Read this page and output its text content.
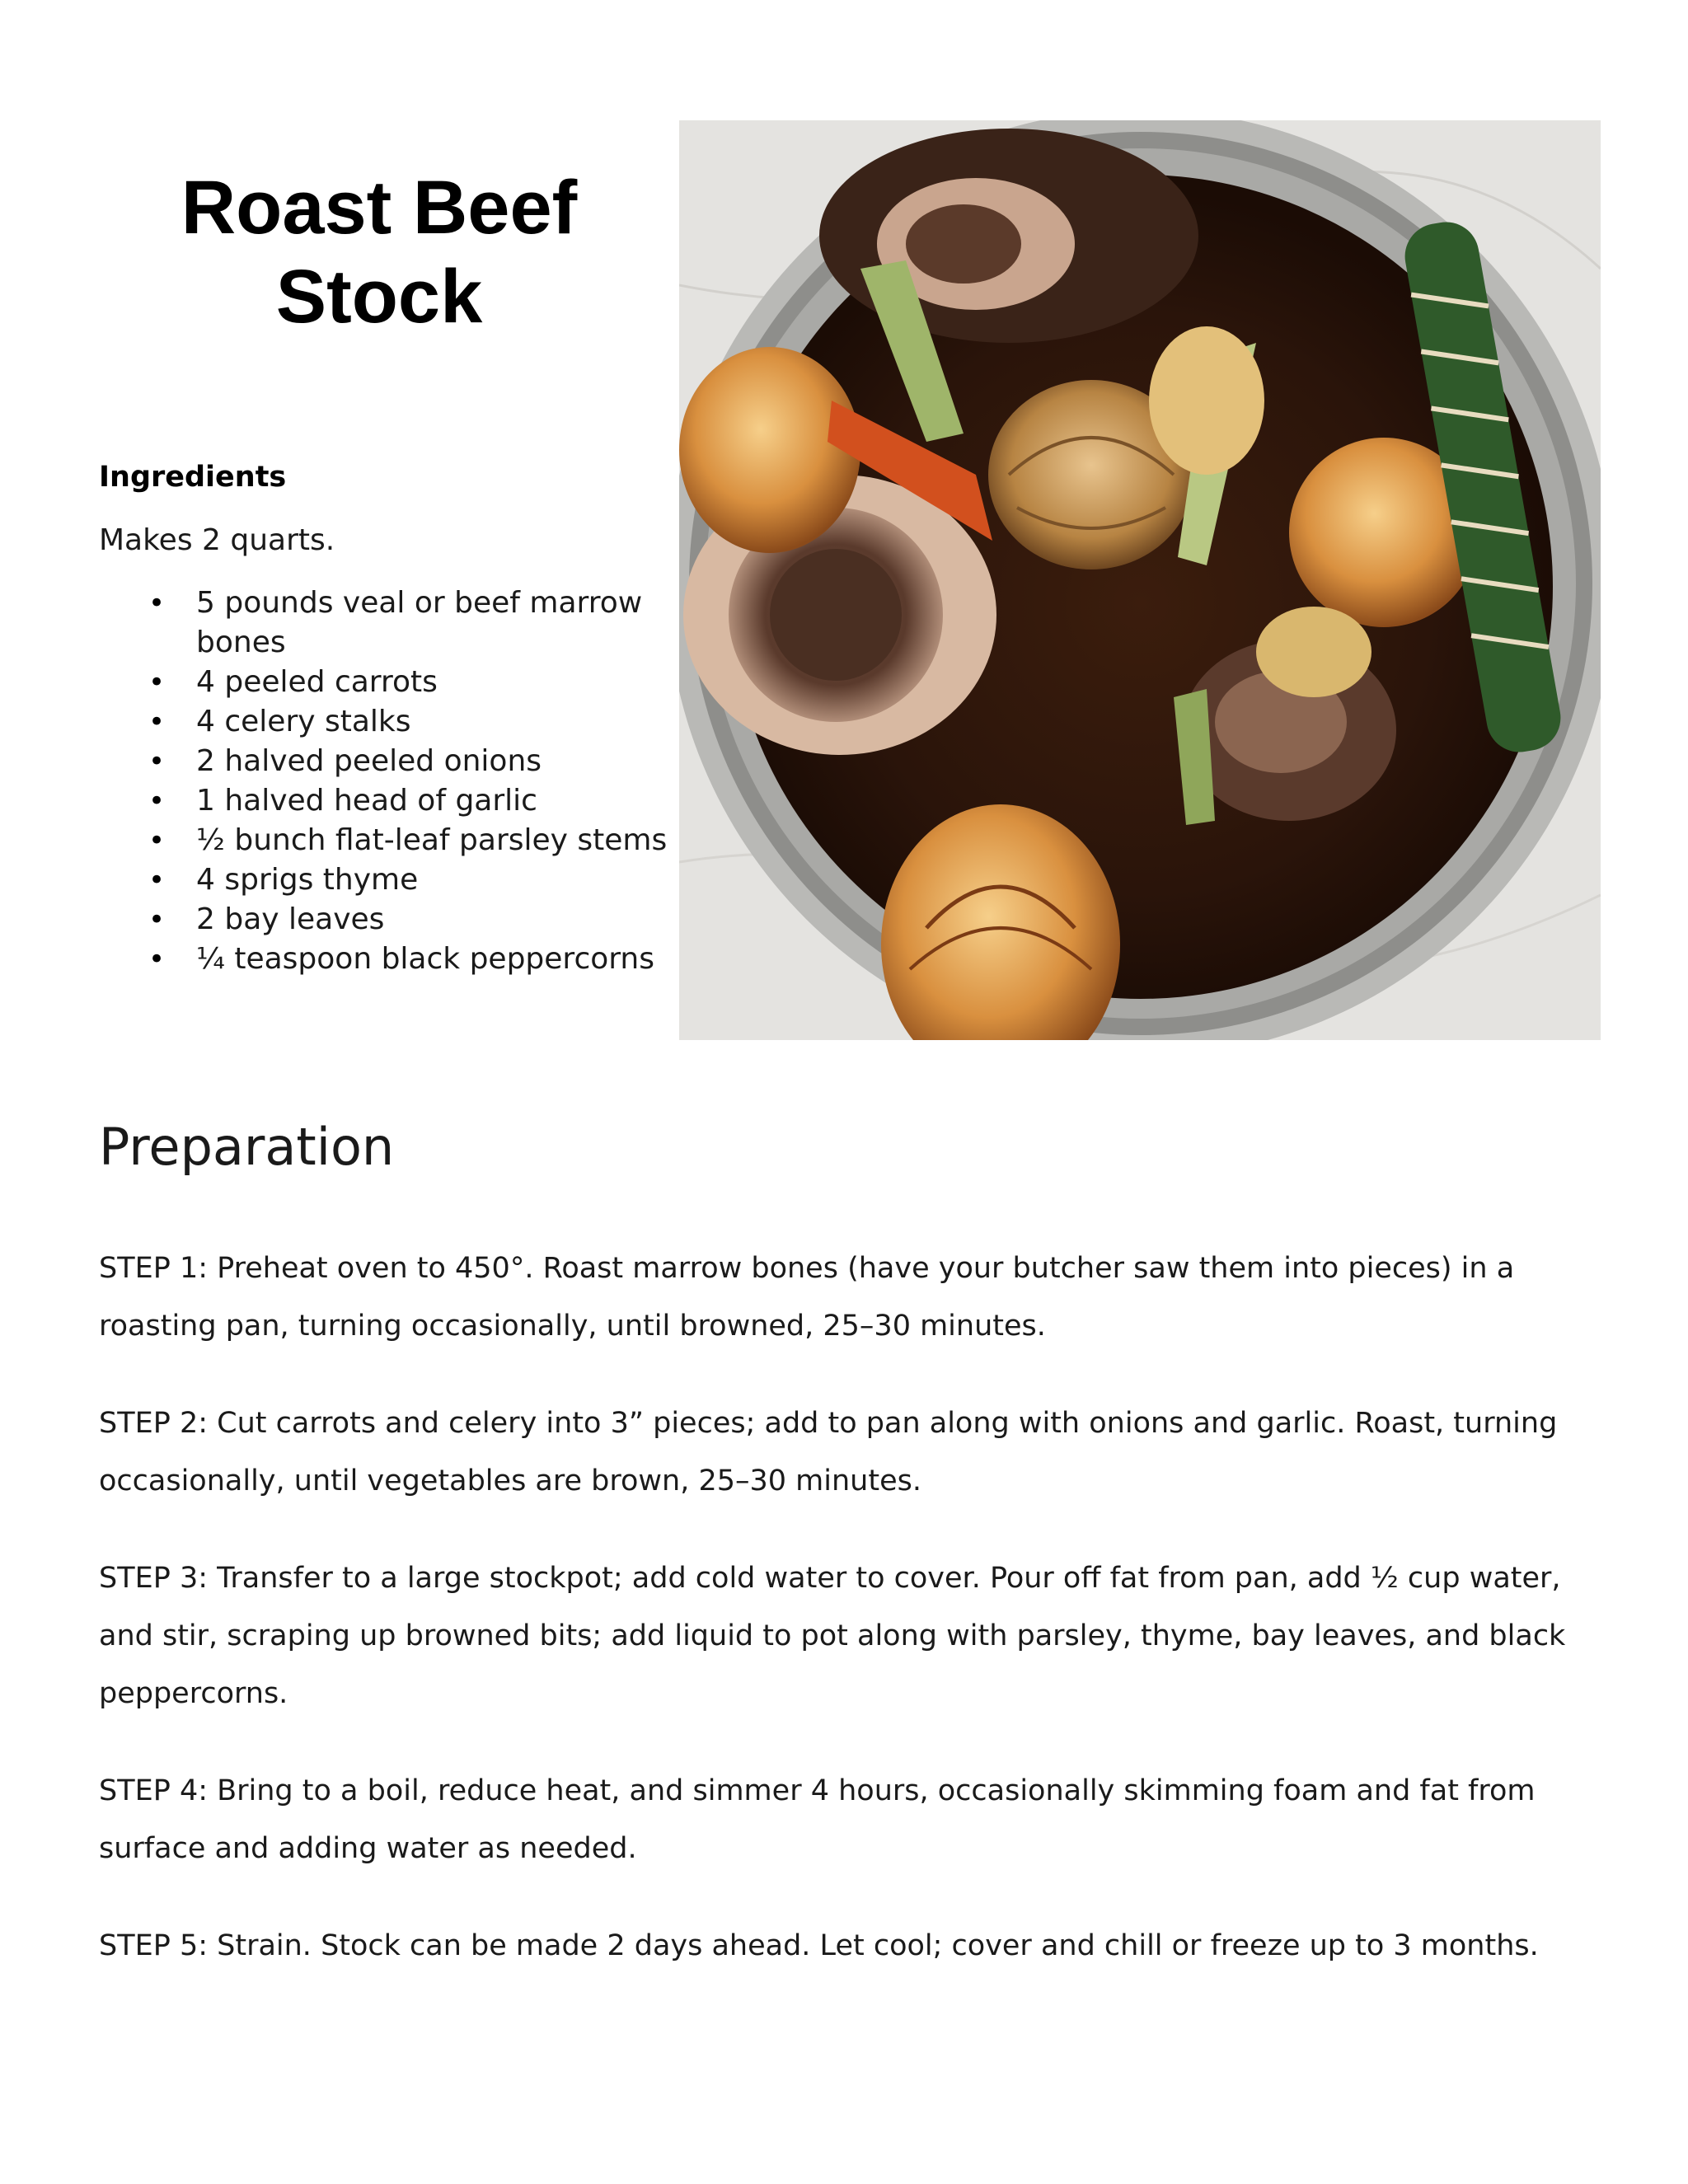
Roast Beef
Stock
Ingredients
Makes 2 quarts.
• 5 pounds veal or beef marrow bones
• 4 peeled carrots
• 4 celery stalks
• 2 halved peeled onions
• 1 halved head of garlic
• ½ bunch flat-leaf parsley stems
• 4 sprigs thyme
• 2 bay leaves
• ¼ teaspoon black peppercorns
Preparation

STEP 1: Preheat oven to 450°. Roast marrow bones (have your butcher saw them into pieces) in a roasting pan, turning occasionally, until browned, 25–30 minutes.

STEP 2: Cut carrots and celery into 3” pieces; add to pan along with onions and garlic. Roast, turning occasionally, until vegetables are brown, 25–30 minutes.

STEP 3: Transfer to a large stockpot; add cold water to cover. Pour off fat from pan, add ½ cup water, and stir, scraping up browned bits; add liquid to pot along with parsley, thyme, bay leaves, and black peppercorns.

STEP 4: Bring to a boil, reduce heat, and simmer 4 hours, occasionally skimming foam and fat from surface and adding water as needed.

STEP 5: Strain. Stock can be made 2 days ahead. Let cool; cover and chill or freeze up to 3 months.
